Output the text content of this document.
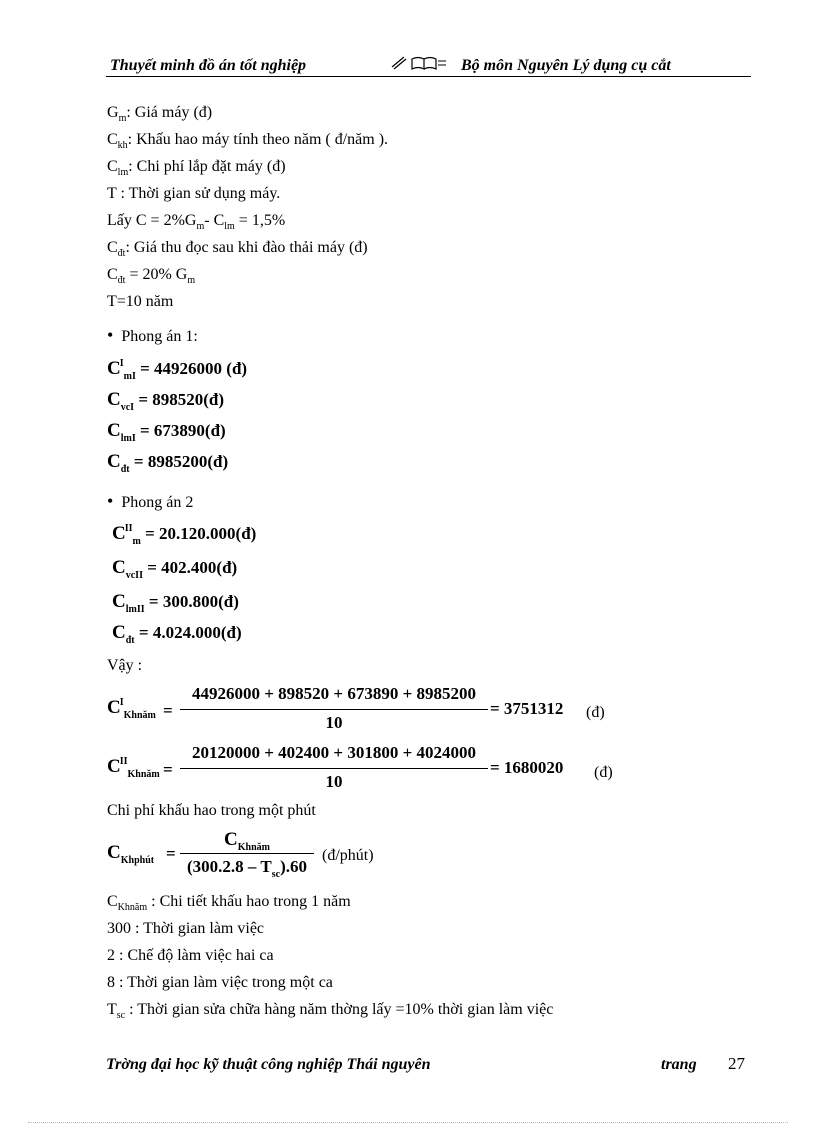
Thuyết minh đồ án tốt nghiệp	Bộ môn Nguyên Lý dụng cụ cắt
$G_m$: Giá máy (đ)
$C_{kh}$: Khấu hao máy tính theo năm ( đ/năm ).
$C_{lm}$: Chi phí lắp đặt máy (đ)
T : Thời gian sử dụng máy.
Lấy $C = 2\%G_m-$ $C_{lm} = 1,5\%$
$C_{đt}$: Giá thu đọc sau khi đào thải máy (đ)
$C_{đt} = 20\%$ $G_m$
T=10 năm
• Phong án 1:
$C^I_{mI} = 44926000$ (đ)
$C_{vcI}$ = 898520(đ)
$C_{lmI}$ = 673890(đ)
$C_{đt}$ = 8985200(đ)
• Phong án 2
$C^{II}_m$ = 20.120.000(đ)
$C_{vcII}$ = 402.400(đ)
$C_{lmII}$ = 300.800(đ)
$C_{đt}$ = 4.024.000(đ)
Vậy :
$C^I_{Khnăm}$ =
44926000 + 898520 + 673890 + 8985200
10
= 3751312 (đ)
$C^{II}_{Khnăm}$ =
20120000 + 402400 + 301800 + 4024000
10
= 1680020 (đ)
Chi phí khấu hao trong một phút
$C_{Khphút}$ =
$C_{Khnăm}$
$(300.2.8 - T_{sc}).60$
(đ/phút)
$C_{Khnăm}$ : Chi tiết khấu hao trong 1 năm
300 : Thời gian làm việc
2 : Chế độ làm việc hai ca
8 : Thời gian làm việc trong một ca
$T_{sc}$ : Thời gian sửa chữa hàng năm thờng lấy =10% thời gian làm việc
Trờng đại học kỹ thuật công nghiệp Thái nguyên	trang 27
